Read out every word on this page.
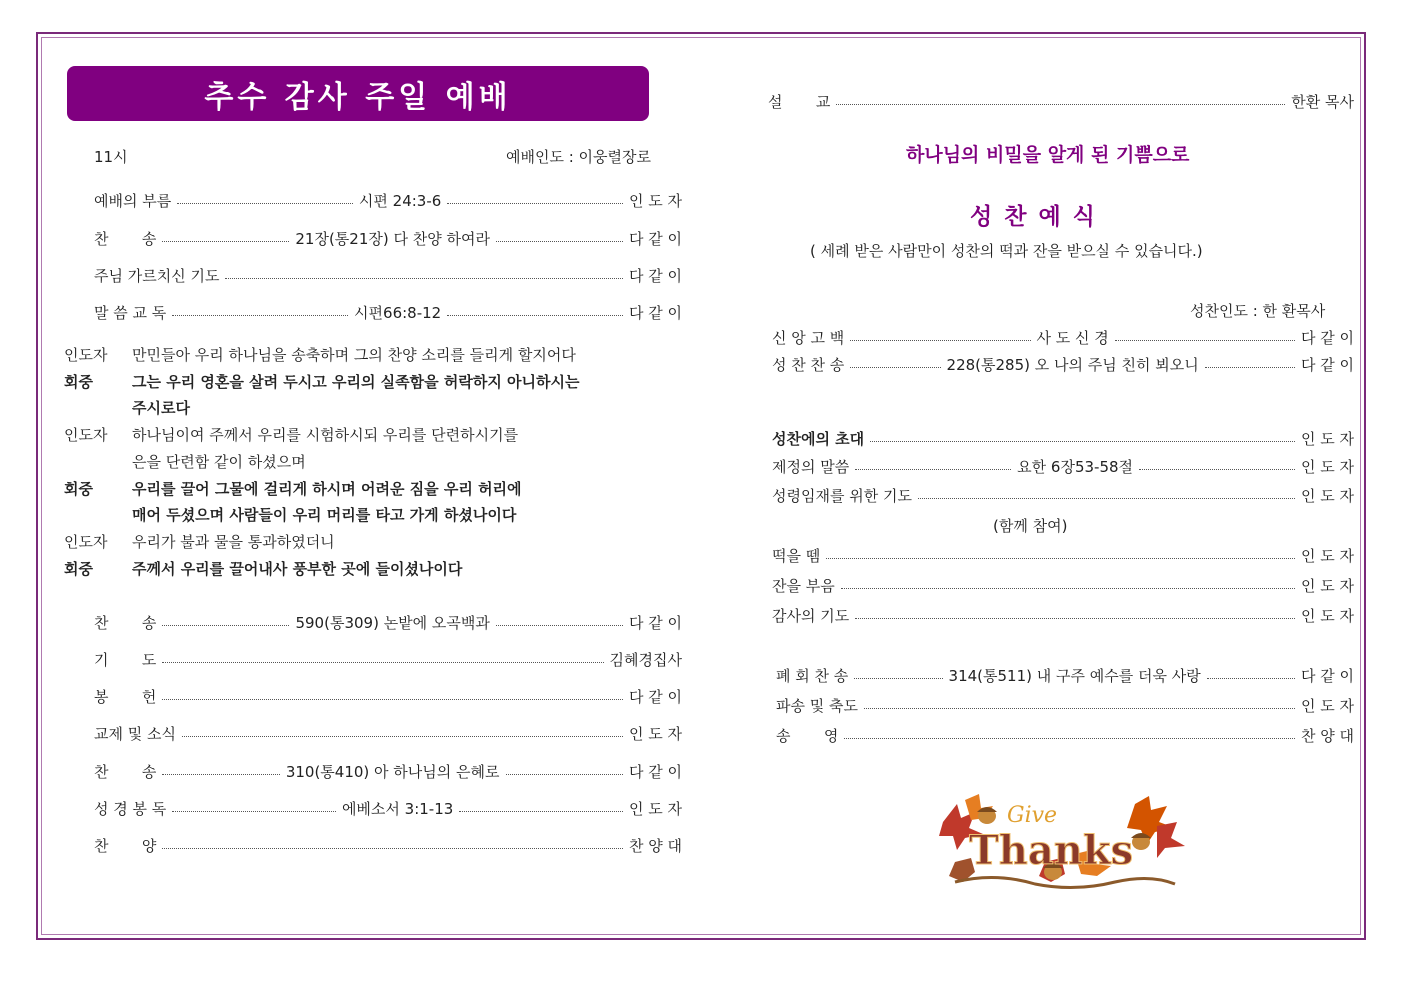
추수 감사 주일 예배
11시	예배인도 : 이웅렬장로
예배의 부름	시편 24:3-6	인 도 자
찬       송	21장(통21장) 다 찬양 하여라	다 같 이
주님 가르치신 기도	다 같 이
말 씀 교 독	시편66:8-12	다 같 이
인도자	만민들아 우리 하나님을 송축하며 그의 찬양 소리를 들리게 할지어다
회중	그는 우리 영혼을 살려 두시고 우리의 실족함을 허락하지 아니하시는
주시로다
인도자	하나님이여 주께서 우리를 시험하시되 우리를 단련하시기를
은을 단련함 같이 하셨으며
회중	우리를 끌어 그물에 걸리게 하시며 어려운 짐을 우리 허리에
매어 두셨으며 사람들이 우리 머리를 타고 가게 하셨나이다
인도자	우리가 불과 물을 통과하였더니
회중	주께서 우리를 끌어내사 풍부한 곳에 들이셨나이다
찬       송	590(통309) 논밭에 오곡백과	다 같 이
기       도	김혜경집사
봉       헌	다 같 이
교제 및 소식	인 도 자
찬       송	310(통410) 아 하나님의 은혜로	다 같 이
성 경 봉 독	에베소서 3:1-13	인 도 자
찬       양	찬 양 대
설       교	한환 목사
하나님의 비밀을 알게 된 기쁨으로
성 찬 예 식
( 세례 받은 사람만이 성찬의 떡과 잔을 받으실 수 있습니다.)
성찬인도 : 한 환목사
신 앙 고 백	사 도 신 경	다 같 이
성 찬 찬 송	228(통285) 오 나의 주님 친히 뵈오니	다 같 이
성찬에의 초대	인 도 자
제정의 말씀	요한 6장53-58절	인 도 자
성령임재를 위한 기도	인 도 자
(함께 참여)
떡을 뗌	인 도 자
잔을 부음	인 도 자
감사의 기도	인 도 자
폐 회 찬 송	314(통511) 내 구주 예수를 더욱 사랑	다 같 이
파송 및 축도	인 도 자
송       영	찬 양 대
Give
Thanks
